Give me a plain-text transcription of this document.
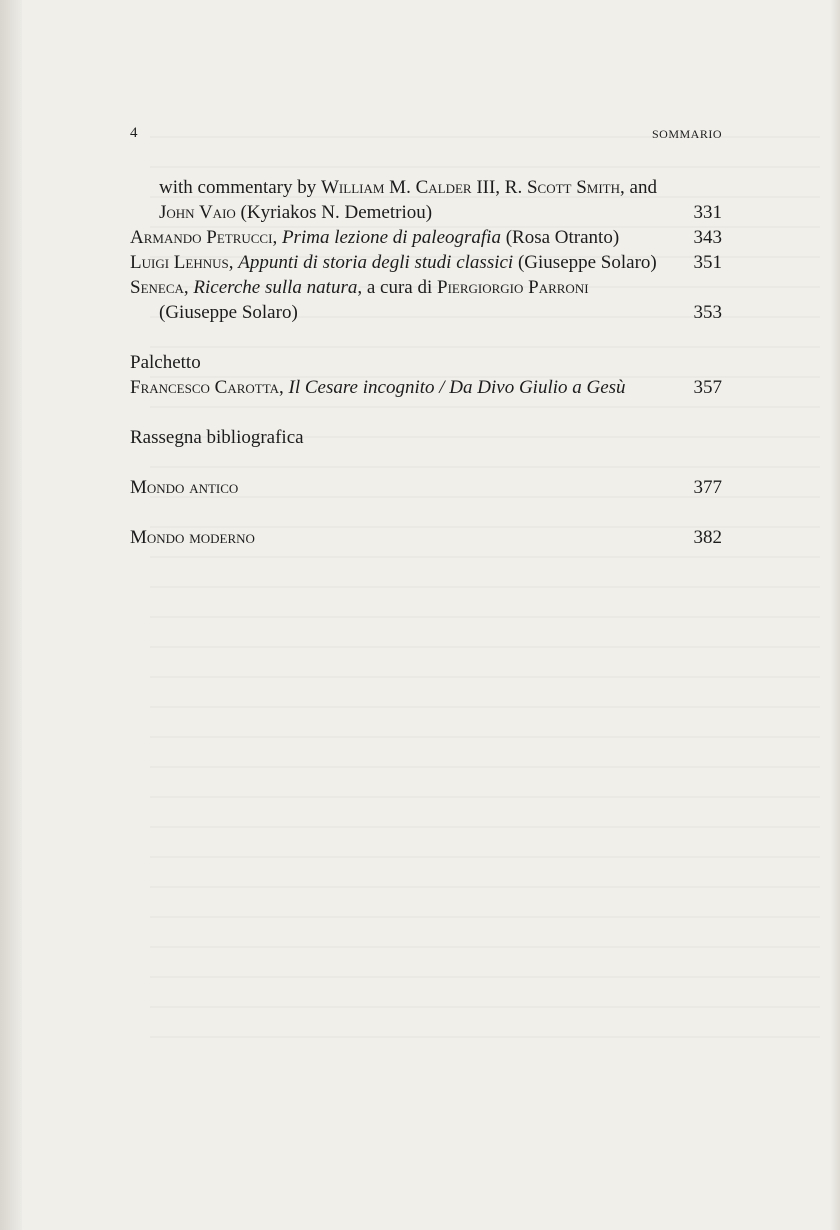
4	SOMMARIO
with commentary by William M. Calder III, R. Scott Smith, and John Vaio (Kyriakos N. Demetriou)	331
Armando Petrucci, Prima lezione di paleografia (Rosa Otranto)	343
Luigi Lehnus, Appunti di storia degli studi classici (Giuseppe Solaro) 351
Seneca, Ricerche sulla natura, a cura di Piergiorgio Parroni (Giuseppe Solaro)	353
Palchetto
Francesco Carotta, Il Cesare incognito / Da Divo Giulio a Gesù	357
Rassegna bibliografica
Mondo antico	377
Mondo moderno	382
